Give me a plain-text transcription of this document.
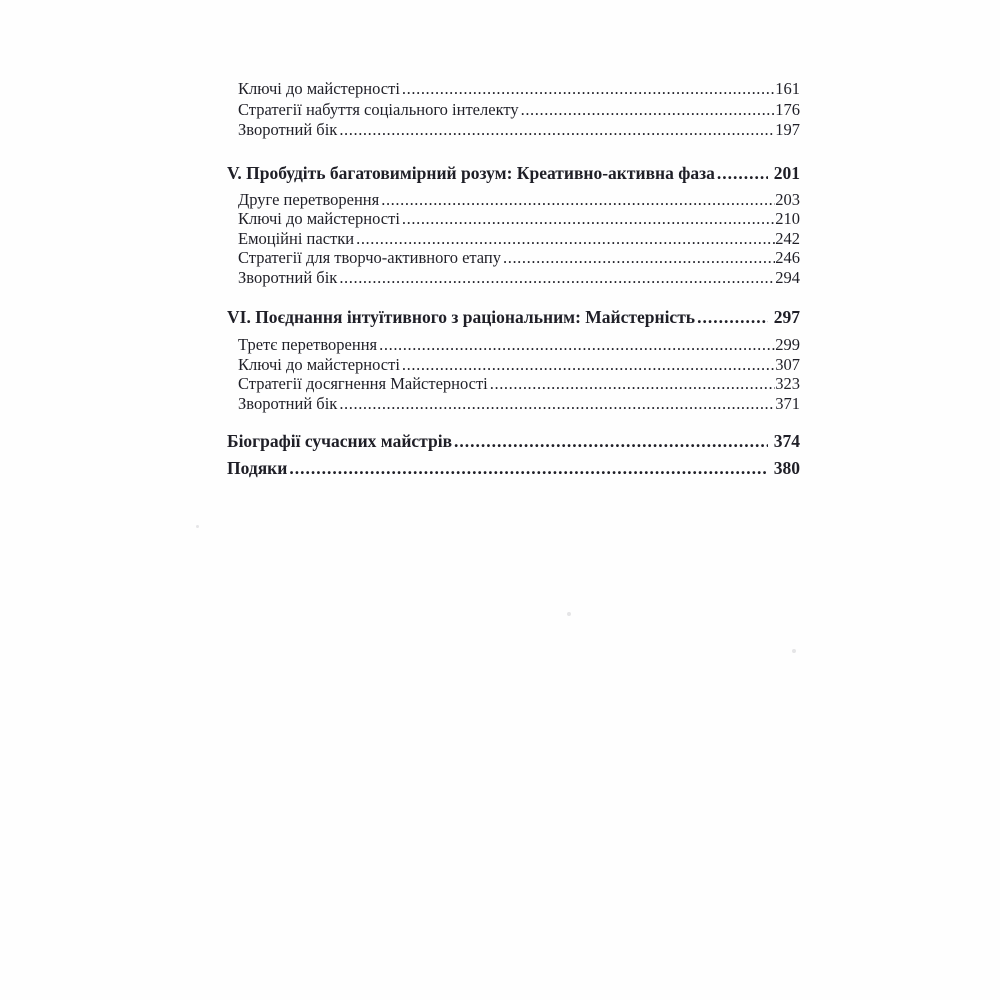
Ключі до майстерності .....	161
Стратегії набуття соціального інтелекту .....	176
Зворотний бік .....	197
V. Пробудіть багатовимірний розум: Креативно-активна фаза .....	201
Друге перетворення .....	203
Ключі до майстерності .....	210
Емоційні пастки .....	242
Стратегії для творчо-активного етапу .....	246
Зворотний бік .....	294
VI. Поєднання інтуїтивного з раціональним: Майстерність .....	297
Третє перетворення .....	299
Ключі до майстерності .....	307
Стратегії досягнення Майстерності .....	323
Зворотний бік .....	371
Біографії сучасних майстрів .....	374
Подяки .....	380
